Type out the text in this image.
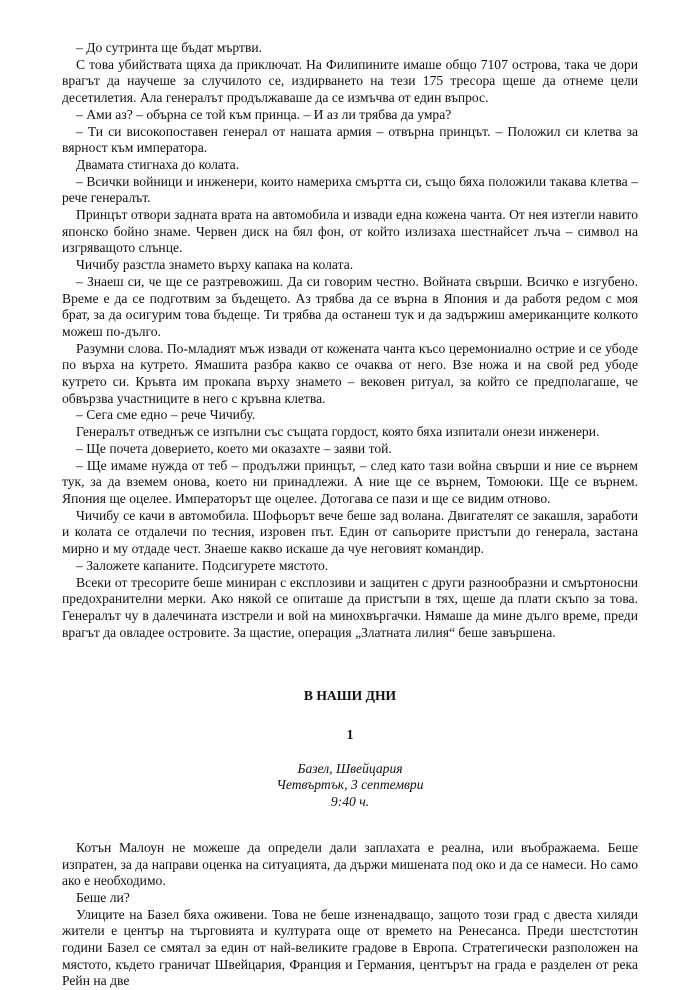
– До сутринта ще бъдат мъртви.

С това убийствата щяха да приключат. На Филипините имаше общо 7107 острова, така че дори врагът да научеше за случилото се, издирването на тези 175 тресора щеше да отнеме цели десетилетия. Ала генералът продължаваше да се измъчва от един въпрос.

– Ами аз? – обърна се той към принца. – И аз ли трябва да умра?

– Ти си високопоставен генерал от нашата армия – отвърна принцът. – Положил си клетва за вярност към императора.

Двамата стигнаха до колата.

– Всички войници и инженери, които намериха смъртта си, също бяха положили такава клетва – рече генералът.

Принцът отвори задната врата на автомобила и извади една кожена чанта. От нея изтегли навито японско бойно знаме. Червен диск на бял фон, от който излизаха шестнайсет лъча – символ на изгряващото слънце.

Чичибу разстла знамето върху капака на колата.

– Знаеш си, че ще се разтревожиш. Да си говорим честно. Войната свърши. Всичко е изгубено. Време е да се подготвим за бъдещето. Аз трябва да се върна в Япония и да работя редом с моя брат, за да осигурим това бъдеще. Ти трябва да останеш тук и да задържиш американците колкото можеш по-дълго.

Разумни слова. По-младият мъж извади от кожената чанта късо церемониално острие и се убоде по върха на кутрето. Ямашита разбра какво се очаква от него. Взе ножа и на свой ред убоде кутрето си. Кръвта им прокапа върху знамето – вековен ритуал, за който се предполагаше, че обвързва участниците в него с кръвна клетва.

– Сега сме едно – рече Чичибу.

Генералът отведнъж се изпълни със същата гордост, която бяха изпитали онези инженери.

– Ще почета доверието, което ми оказахте – заяви той.

– Ще имаме нужда от теб – продължи принцът, – след като тази война свърши и ние се върнем тук, за да вземем онова, което ни принадлежи. А ние ще се върнем, Томоюки. Ще се върнем. Япония ще оцелее. Императорът ще оцелее. Дотогава се пази и ще се видим отново.

Чичибу се качи в автомобила. Шофьорът вече беше зад волана. Двигателят се закашля, заработи и колата се отдалечи по тесния, изровен път. Един от сапьорите пристъпи до генерала, застана мирно и му отдаде чест. Знаеше какво искаше да чуе неговият командир.

– Заложете капаните. Подсигурете мястото.

Всеки от тресорите беше миниран с експлозиви и защитен с други разнообразни и смъртоносни предохранителни мерки. Ако някой се опиташе да пристъпи в тях, щеше да плати скъпо за това. Генералът чу в далечината изстрели и вой на минохвъргачки. Нямаше да мине дълго време, преди врагът да овладее островите. За щастие, операция „Златната лилия“ беше завършена.

В НАШИ ДНИ

1

Базел, Швейцария

Четвъртък, 3 септември

9:40 ч.

Котън Малоун не можеше да определи дали заплахата е реална, или въображаема. Беше изпратен, за да направи оценка на ситуацията, да държи мишената под око и да се намеси. Но само ако е необходимо.

Беше ли?

Улиците на Базел бяха оживени. Това не беше изненадващо, защото този град с двеста хиляди жители е център на търговията и културата още от времето на Ренесанса. Преди шестстотин години Базел се смятал за един от най-великите градове в Европа. Стратегически разположен на мястото, където граничат Швейцария, Франция и Германия, центърът на града е разделен от река Рейн на две
